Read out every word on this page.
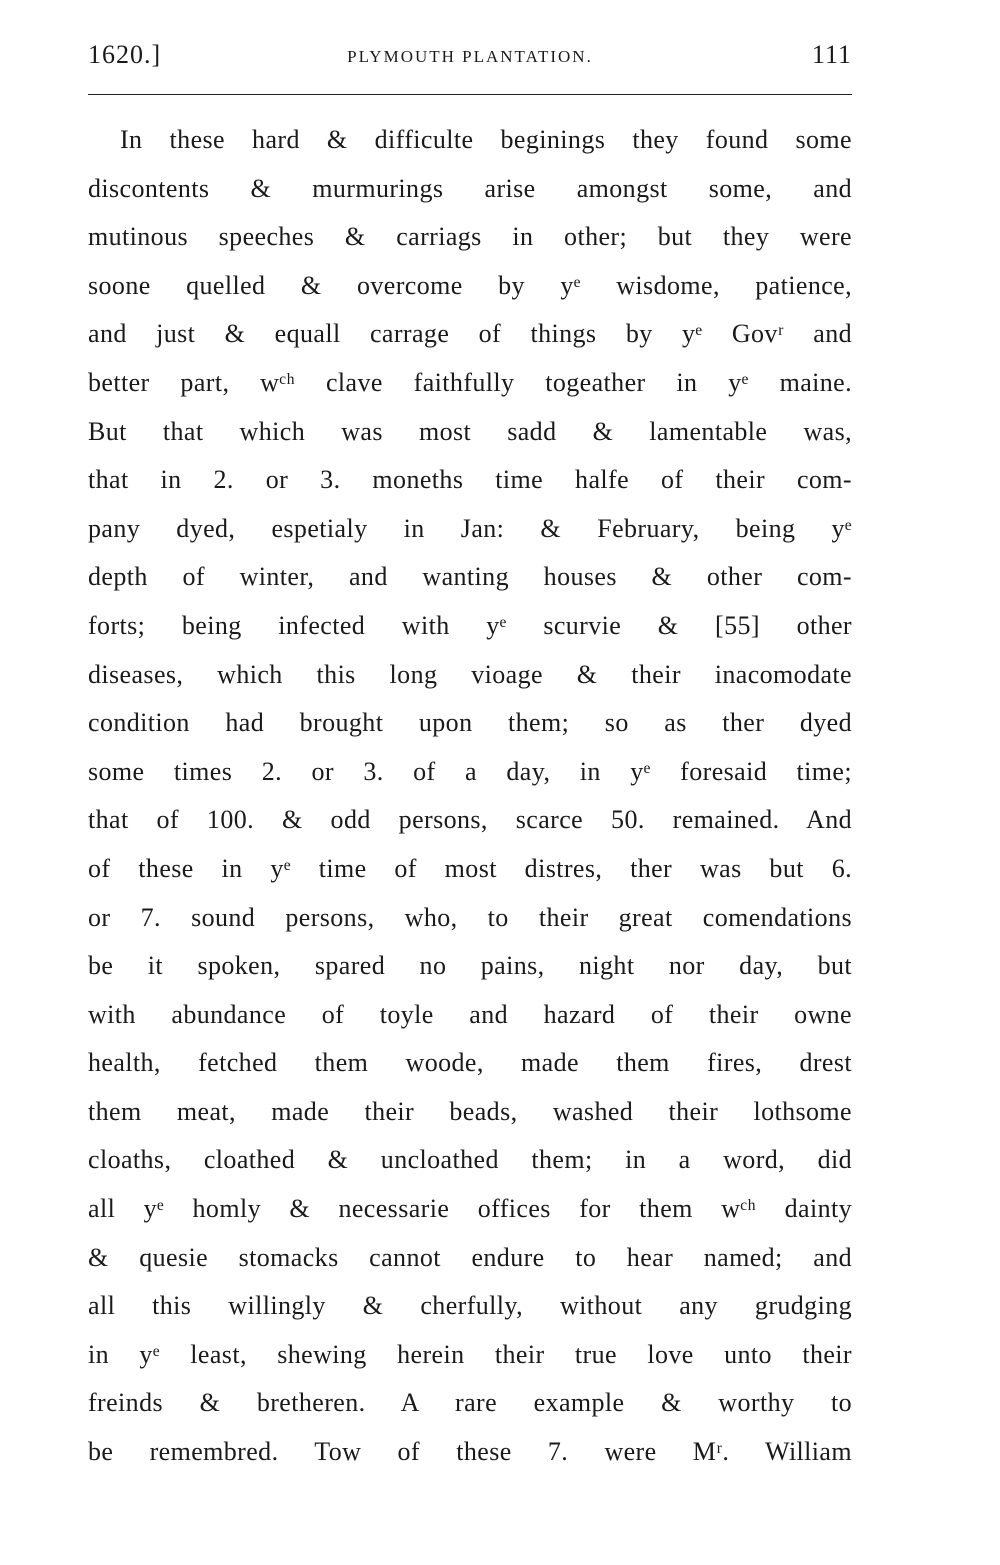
1620.]	PLYMOUTH PLANTATION.	111
In these hard & difficulte beginings they found some
discontents & murmurings arise amongst some, and
mutinous speeches & carriags in other; but they were
soone quelled & overcome by yᵉ wisdome, patience,
and just & equall carrage of things by yᵉ Govʳ and
better part, wᶜʰ clave faithfully togeather in yᵉ maine.
But that which was most sadd & lamentable was,
that in 2. or 3. moneths time halfe of their com-
pany dyed, espetialy in Jan: & February, being yᵉ
depth of winter, and wanting houses & other com-
forts; being infected with yᵉ scurvie & [55] other
diseases, which this long vioage & their inacomodate
condition had brought upon them; so as ther dyed
some times 2. or 3. of a day, in yᵉ foresaid time;
that of 100. & odd persons, scarce 50. remained. And
of these in yᵉ time of most distres, ther was but 6.
or 7. sound persons, who, to their great comendations
be it spoken, spared no pains, night nor day, but
with abundance of toyle and hazard of their owne
health, fetched them woode, made them fires, drest
them meat, made their beads, washed their lothsome
cloaths, cloathed & uncloathed them; in a word, did
all yᵉ homly & necessarie offices for them wᶜʰ dainty
& quesie stomacks cannot endure to hear named; and
all this willingly & cherfully, without any grudging
in yᵉ least, shewing herein their true love unto their
freinds & bretheren. A rare example & worthy to
be remembred. Tow of these 7. were Mʳ. William
